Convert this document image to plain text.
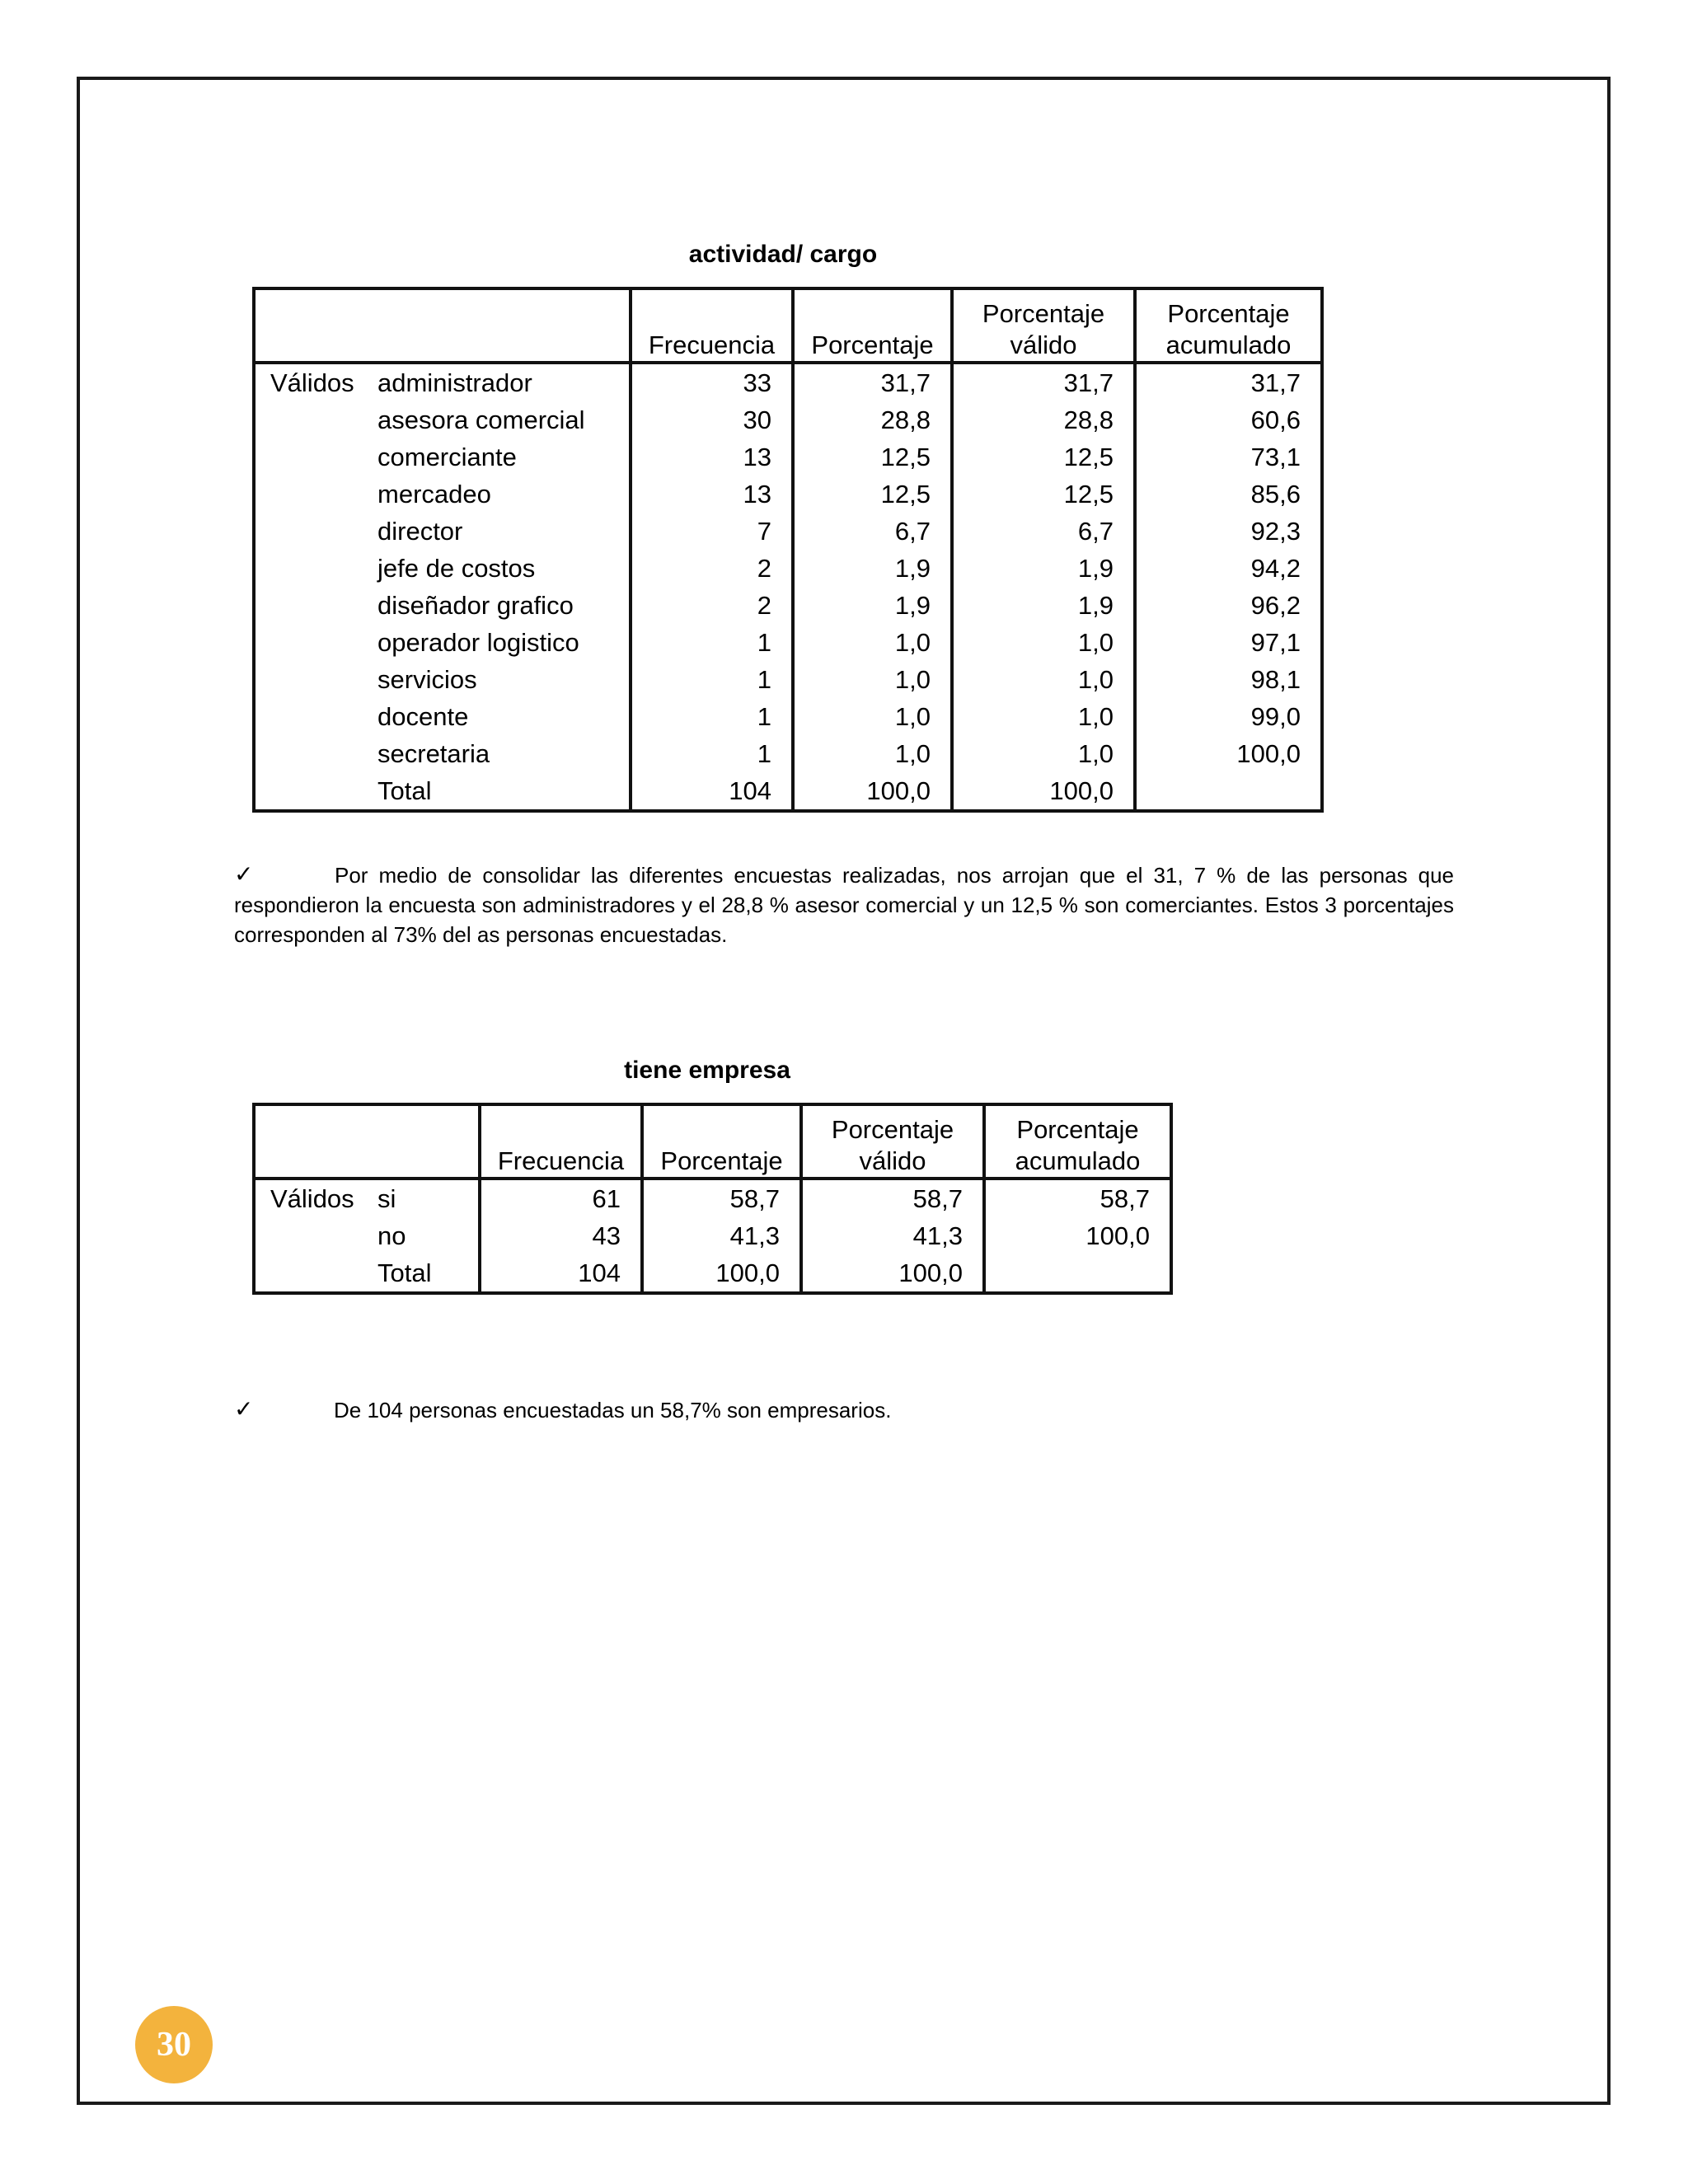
actividad/ cargo
		Frecuencia	Porcentaje	Porcentaje válido	Porcentaje acumulado
Válidos	administrador	33	31,7	31,7	31,7
	asesora comercial	30	28,8	28,8	60,6
	comerciante	13	12,5	12,5	73,1
	mercadeo	13	12,5	12,5	85,6
	director	7	6,7	6,7	92,3
	jefe de costos	2	1,9	1,9	94,2
	diseñador grafico	2	1,9	1,9	96,2
	operador logistico	1	1,0	1,0	97,1
	servicios	1	1,0	1,0	98,1
	docente	1	1,0	1,0	99,0
	secretaria	1	1,0	1,0	100,0
	Total	104	100,0	100,0	
✓	Por medio de consolidar las diferentes encuestas realizadas, nos arrojan que el 31, 7 % de las personas que respondieron la encuesta son administradores y el 28,8 % asesor comercial y un 12,5 % son comerciantes. Estos 3 porcentajes corresponden al 73% del as personas encuestadas.
tiene empresa
		Frecuencia	Porcentaje	Porcentaje válido	Porcentaje acumulado
Válidos	si	61	58,7	58,7	58,7
	no	43	41,3	41,3	100,0
	Total	104	100,0	100,0	
✓	De 104 personas encuestadas un 58,7% son empresarios.
30
